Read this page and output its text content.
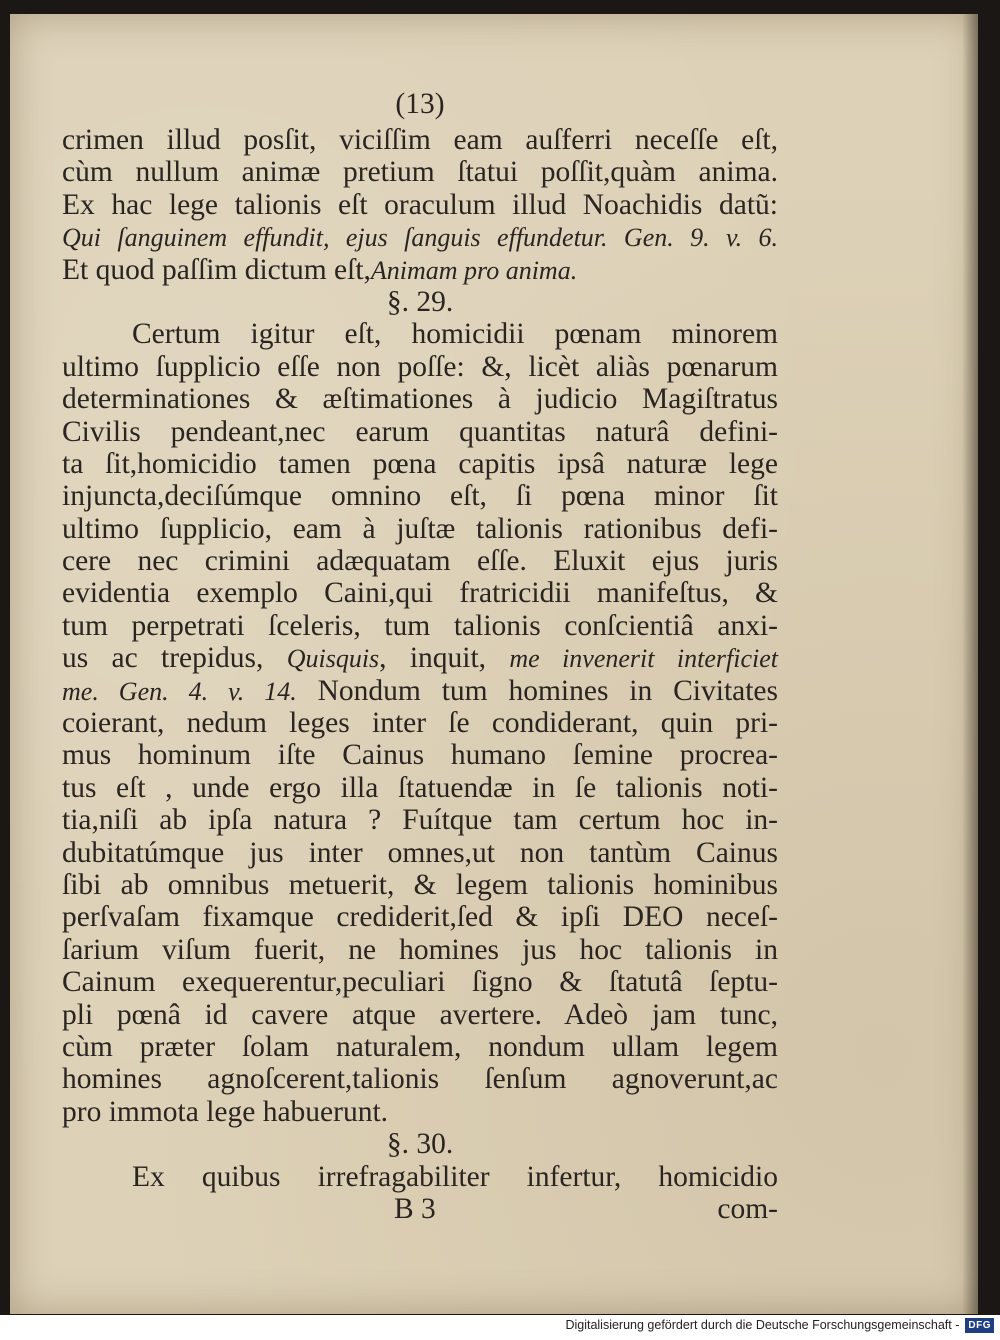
(13)
crimen illud posſit, viciſſim eam auſferri neceſſe eſt,
cùm nullum animæ pretium ſtatui poſſit,quàm anima.
Ex hac lege talionis eſt oraculum illud Noachidis datũ:
Qui ſanguinem effundit, ejus ſanguis effundetur. Gen. 9. v. 6.
Et quod paſſim dictum eſt,Animam pro anima.
§. 29.
Certum igitur eſt, homicidii pœnam minorem
ultimo ſupplicio eſſe non poſſe: &, licèt aliàs pœnarum
determinationes & æſtimationes à judicio Magiſtratus
Civilis pendeant,nec earum quantitas naturâ defini-
ta ſit,homicidio tamen pœna capitis ipsâ naturæ lege
injuncta,deciſúmque omnino eſt, ſi pœna minor ſit
ultimo ſupplicio, eam à juſtæ talionis rationibus defi-
cere nec crimini adæquatam eſſe. Eluxit ejus juris
evidentia exemplo Caini,qui fratricidii manifeſtus, &
tum perpetrati ſceleris, tum talionis conſcientiâ anxi-
us ac trepidus, Quisquis, inquit, me invenerit interficiet
me. Gen. 4. v. 14. Nondum tum homines in Civitates
coierant, nedum leges inter ſe condiderant, quin pri-
mus hominum iſte Cainus humano ſemine procrea-
tus eſt , unde ergo illa ſtatuendæ in ſe talionis noti-
tia,niſi ab ipſa natura ? Fuítque tam certum hoc in-
dubitatúmque jus inter omnes,ut non tantùm Cainus
ſibi ab omnibus metuerit, & legem talionis hominibus
perſvaſam fixamque crediderit,ſed & ipſi DEO neceſ-
ſarium viſum fuerit, ne homines jus hoc talionis in
Cainum exequerentur,peculiari ſigno & ſtatutâ ſeptu-
pli pœnâ id cavere atque avertere. Adeò jam tunc,
cùm præter ſolam naturalem, nondum ullam legem
homines agnoſcerent,talionis ſenſum agnoverunt,ac
pro immota lege habuerunt.
§. 30.
Ex quibus irrefragabiliter infertur, homicidio
B 3	com-
Digitalisierung gefördert durch die Deutsche Forschungsgemeinschaft - DFG
